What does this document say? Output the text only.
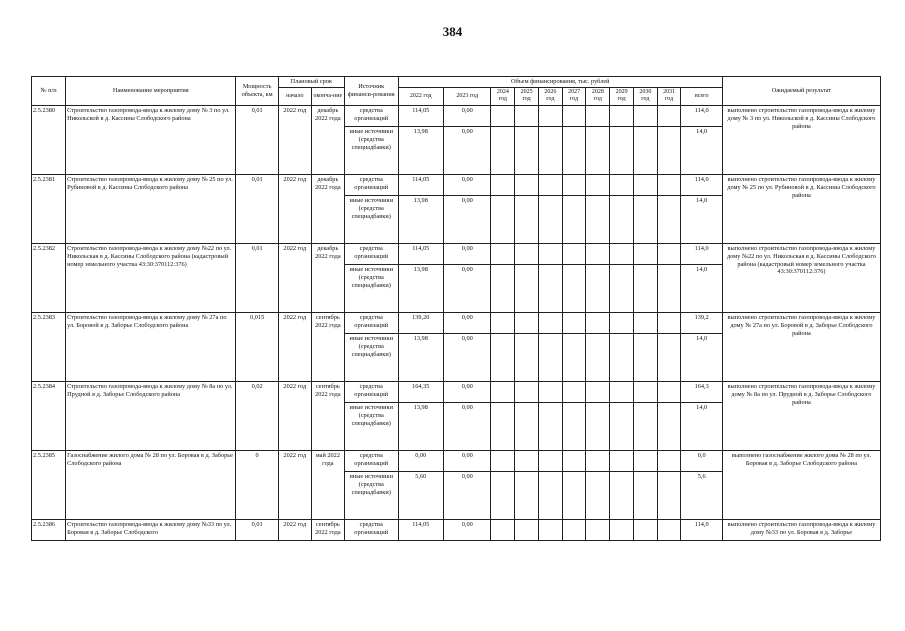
384
№ п/п	Наименование мероприятия	Мощность объекта, км	Плановый срок		Источник финанси-рования	Объем финансирования, тыс. рублей											Ожидаемый результат
			начало	оконча-ние		2022 год	2023 год	2024 год	2025 год	2026 год	2027 год	2028 год	2029 год	2030 год	2031 год	всего	
2.5.2380	Строительство газопровода-ввода к жилому дому № 3 по ул. Никольской в д. Кассины Слободского района	0,01	2022 год	декабрь 2022 года	средства организаций	114,05	0,00									114,0	выполнено строительство газопровода-ввода к жилому дому № 3 по ул. Никольской в д. Кассины Слободского района
					иные источники (средства спецнадбавки)	13,98	0,00									14,0	
2.5.2381	Строительство газопровода-ввода к жилому дому № 25 по ул. Рубиновой в д. Кассины Слободского района	0,01	2022 год	декабрь 2022 года	средства организаций	114,05	0,00									114,0	выполнено строительство газопровода-ввода к жилому дому № 25 по ул. Рубиновой в д. Кассины Слободского района
					иные источники (средства спецнадбавки)	13,98	0,00									14,0	
2.5.2382	Строительство газопровода-ввода к жилому дому №22 по ул. Никольская в д. Кассины Слободского района (кадастровый номер земельного участка 43:30:370112:376)	0,01	2022 год	декабрь 2022 года	средства организаций	114,05	0,00									114,0	выполнено строительство газопровода-ввода к жилому дому №22 по ул. Никольская в д. Кассины Слободского района (кадастровый номер земельного участка 43:30:370112:376)
					иные источники (средства спецнадбавки)	13,98	0,00									14,0	
2.5.2383	Строительство газопровода-ввода к жилому дому № 27а по ул. Боровой в д. Заборье Слободского района	0,015	2022 год	сентябрь 2022 года	средства организаций	139,20	0,00									139,2	выполнено строительство газопровода-ввода к жилому дому № 27а по ул. Боровой в д. Заборье Слободского района
					иные источники (средства спецнадбавки)	13,98	0,00									14,0	
2.5.2384	Строительство газопровода-ввода к жилому дому № 8а по ул. Прудной в д. Заборье Слободского района	0,02	2022 год	сентябрь 2022 года	средства организаций	164,35	0,00									164,3	выполнено строительство газопровода-ввода к жилому дому № 8а по ул. Прудной в д. Заборье Слободского района
					иные источники (средства спецнадбавки)	13,98	0,00									14,0	
2.5.2385	Газоснабжение жилого дома № 28 по ул. Боровая в д. Заборье Слободского района	0	2022 год	май 2022 года	средства организаций	0,00	0,00									0,0	выполнено газоснабжение жилого дома № 28 по ул. Боровая в д. Заборье Слободского района
					иные источники (средства спецнадбавки)	5,60	0,00									5,6	
2.5.2386	Строительство газопровода-ввода к жилому дому №33 по ул. Боровая в д. Заборье Слободского	0,01	2022 год	сентябрь 2022 года	средства организаций	114,05	0,00									114,0	выполнено строительство газопровода-ввода к жилому дому №33 по ул. Боровая в д. Заборье
